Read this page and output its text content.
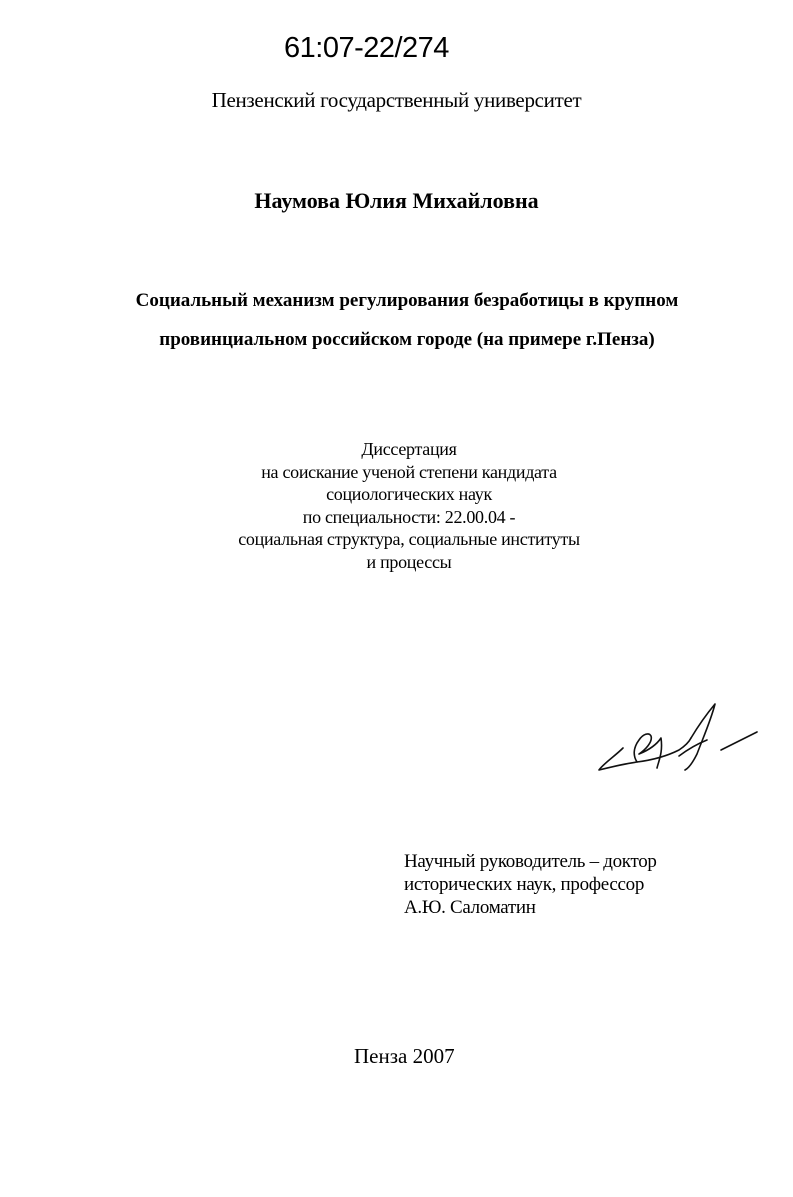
61:07-22/274
Пензенский государственный университет
Наумова Юлия Михайловна
Социальный механизм регулирования безработицы в крупном
провинциальном российском городе (на примере г.Пенза)
Диссертация
на соискание ученой степени кандидата
социологических наук
по специальности: 22.00.04 -
социальная структура, социальные институты
и процессы
Научный руководитель – доктор
исторических наук, профессор
А.Ю. Саломатин
Пенза 2007
